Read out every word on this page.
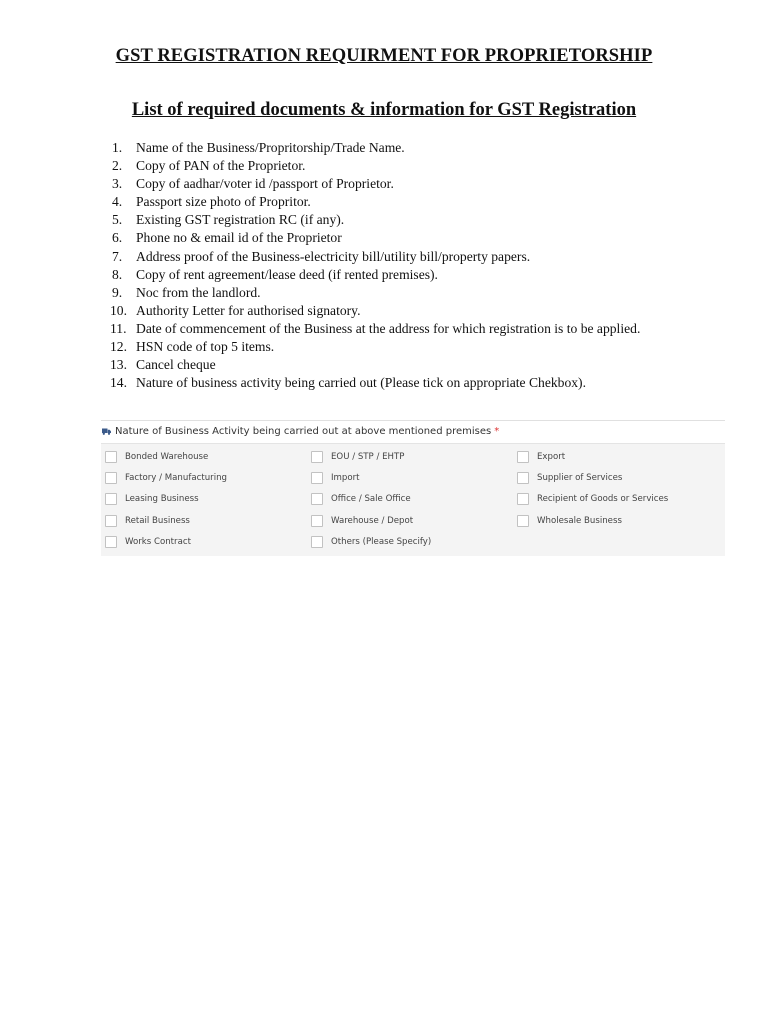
GST REGISTRATION REQUIRMENT FOR PROPRIETORSHIP
List of required documents & information for GST Registration
1. Name of the Business/Propritorship/Trade Name.
2. Copy of PAN of the Proprietor.
3. Copy of aadhar/voter id /passport of Proprietor.
4. Passport size photo of Propritor.
5. Existing GST registration RC (if any).
6. Phone no & email id of the Proprietor
7. Address proof of the Business-electricity bill/utility bill/property papers.
8. Copy of rent agreement/lease deed (if rented premises).
9. Noc from the landlord.
10. Authority Letter for authorised signatory.
11. Date of commencement of the Business at the address for which registration is to be applied.
12. HSN code of top 5 items.
13. Cancel cheque
14. Nature of business activity being carried out (Please tick on appropriate Chekbox).
Nature of Business Activity being carried out at above mentioned premises *
Bonded Warehouse	EOU / STP / EHTP	Export
Factory / Manufacturing	Import	Supplier of Services
Leasing Business	Office / Sale Office	Recipient of Goods or Services
Retail Business	Warehouse / Depot	Wholesale Business
Works Contract	Others (Please Specify)
